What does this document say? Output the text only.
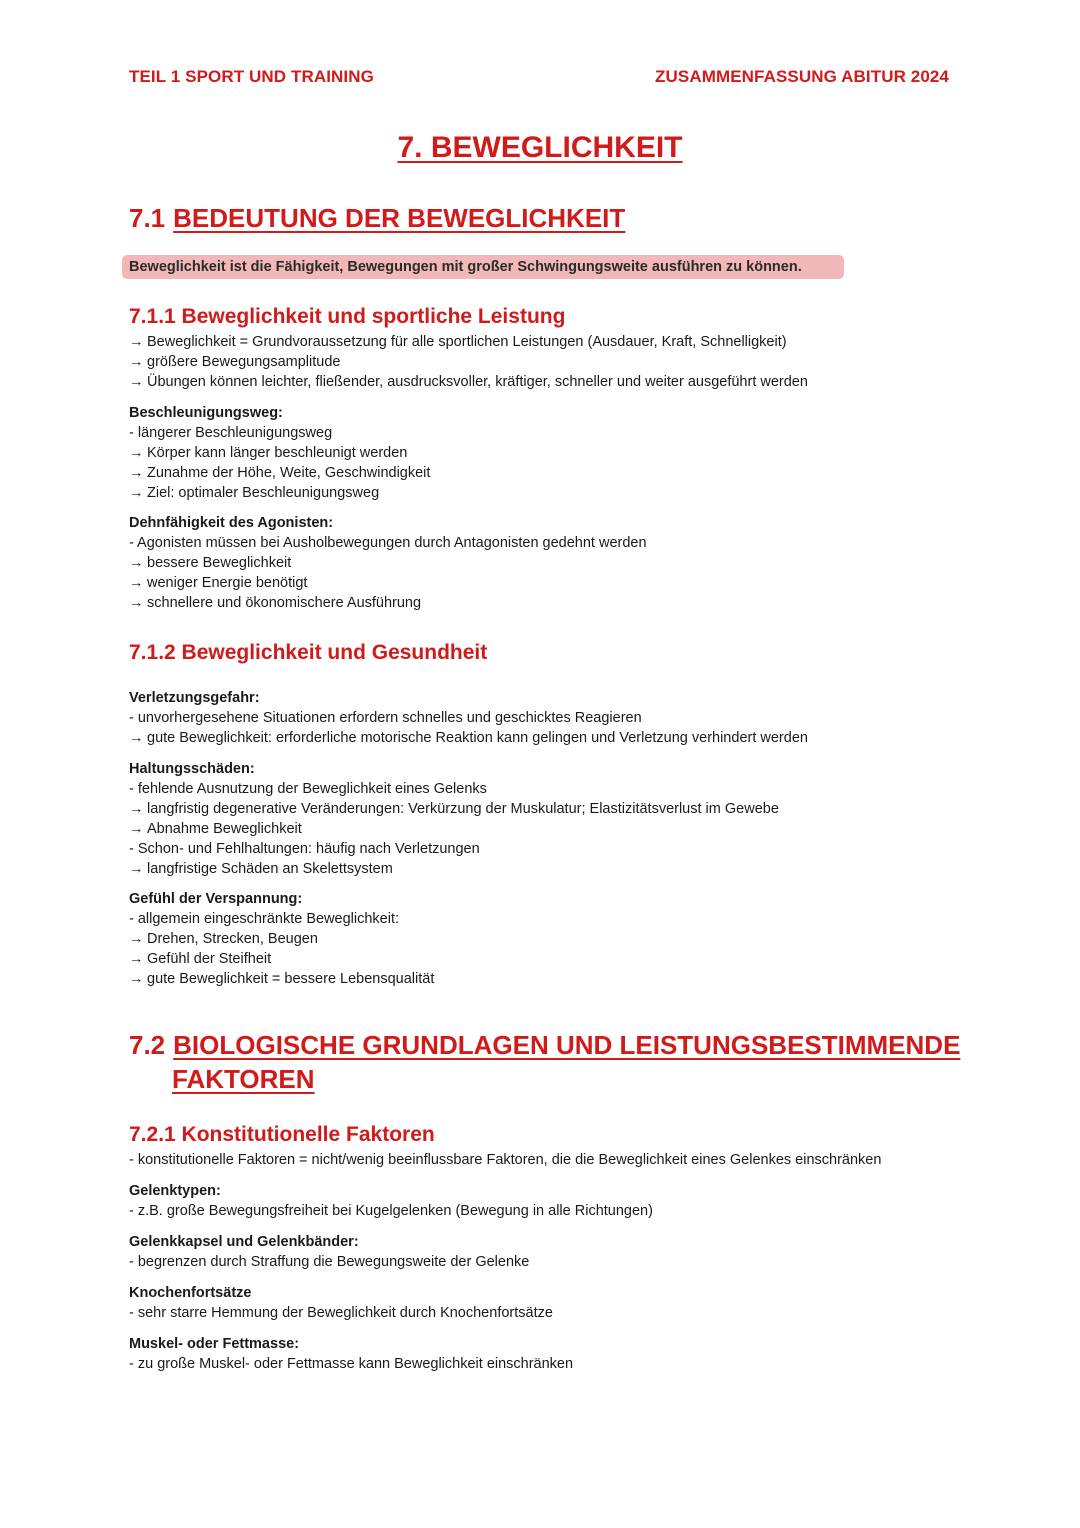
TEIL 1 SPORT UND TRAINING	ZUSAMMENFASSUNG ABITUR 2024
7. BEWEGLICHKEIT
7.1 BEDEUTUNG DER BEWEGLICHKEIT
Beweglichkeit ist die Fähigkeit, Bewegungen mit großer Schwingungsweite ausführen zu können.
7.1.1 Beweglichkeit und sportliche Leistung
→ Beweglichkeit = Grundvoraussetzung für alle sportlichen Leistungen (Ausdauer, Kraft, Schnelligkeit)
→ größere Bewegungsamplitude
→ Übungen können leichter, fließender, ausdrucksvoller, kräftiger, schneller und weiter ausgeführt werden
Beschleunigungsweg:
- längerer Beschleunigungsweg
→ Körper kann länger beschleunigt werden
→ Zunahme der Höhe, Weite, Geschwindigkeit
→ Ziel: optimaler Beschleunigungsweg
Dehnfähigkeit des Agonisten:
- Agonisten müssen bei Ausholbewegungen durch Antagonisten gedehnt werden
→ bessere Beweglichkeit
→ weniger Energie benötigt
→ schnellere und ökonomischere Ausführung
7.1.2 Beweglichkeit und Gesundheit
Verletzungsgefahr:
- unvorhergesehene Situationen erfordern schnelles und geschicktes Reagieren
→ gute Beweglichkeit: erforderliche motorische Reaktion kann gelingen und Verletzung verhindert werden
Haltungsschäden:
- fehlende Ausnutzung der Beweglichkeit eines Gelenks
→ langfristig degenerative Veränderungen: Verkürzung der Muskulatur; Elastizitätsverlust im Gewebe
→ Abnahme Beweglichkeit
- Schon- und Fehlhaltungen: häufig nach Verletzungen
→ langfristige Schäden an Skelettsystem
Gefühl der Verspannung:
- allgemein eingeschränkte Beweglichkeit:
→ Drehen, Strecken, Beugen
→ Gefühl der Steifheit
→ gute Beweglichkeit = bessere Lebensqualität
7.2 BIOLOGISCHE GRUNDLAGEN UND LEISTUNGSBESTIMMENDE
FAKTOREN
7.2.1 Konstitutionelle Faktoren
- konstitutionelle Faktoren = nicht/wenig beeinflussbare Faktoren, die die Beweglichkeit eines Gelenkes einschränken
Gelenktypen:
- z.B. große Bewegungsfreiheit bei Kugelgelenken (Bewegung in alle Richtungen)
Gelenkkapsel und Gelenkbänder:
- begrenzen durch Straffung die Bewegungsweite der Gelenke
Knochenfortsätze
- sehr starre Hemmung der Beweglichkeit durch Knochenfortsätze
Muskel- oder Fettmasse:
- zu große Muskel- oder Fettmasse kann Beweglichkeit einschränken
